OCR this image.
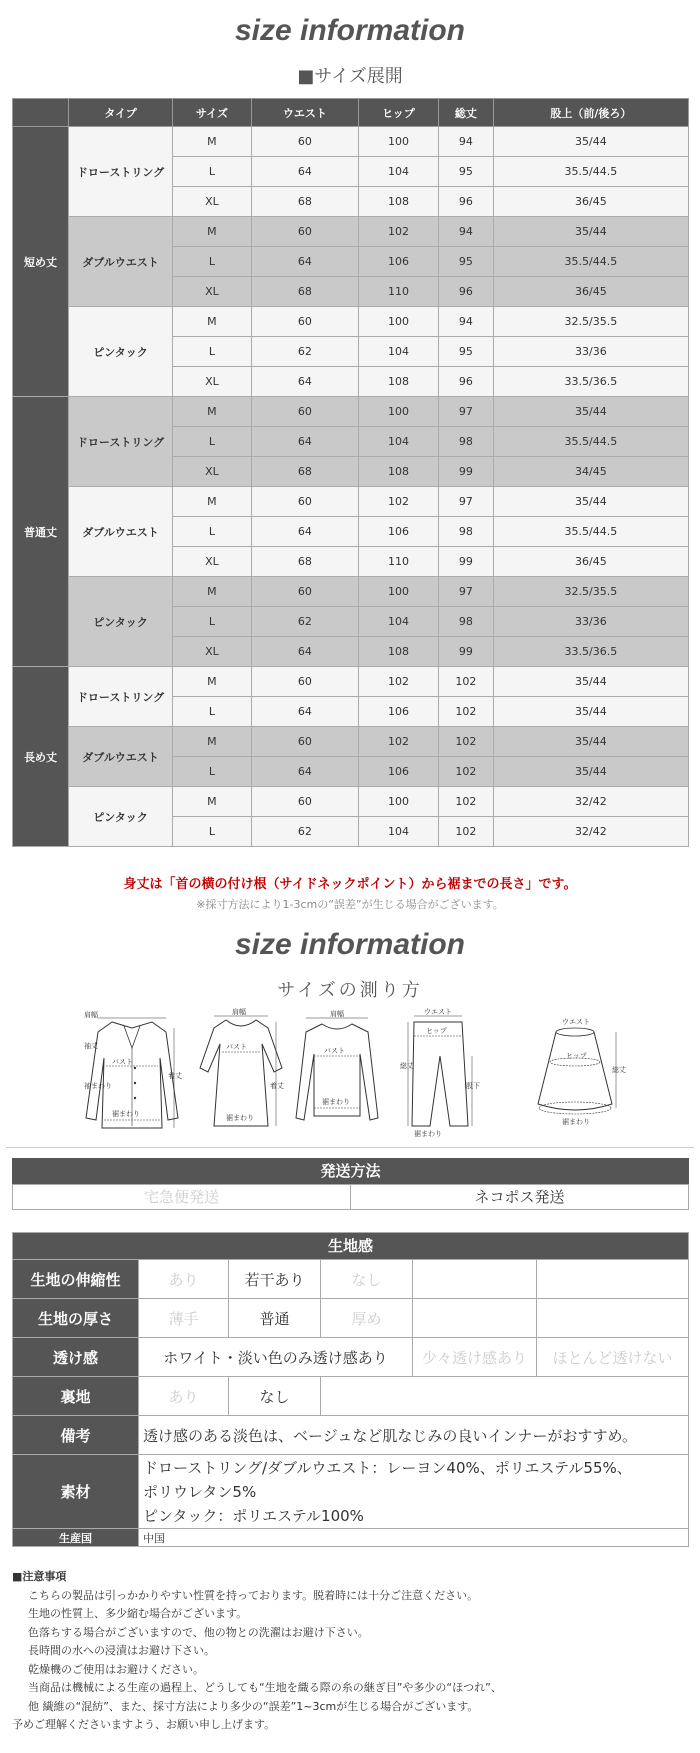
size information
■サイズ展開
	タイプ	サイズ	ウエスト	ヒップ	総丈	股上（前/後ろ）
短め丈	ドローストリング	M	60	100	94	35/44
		L	64	104	95	35.5/44.5
		XL	68	108	96	36/45
	ダブルウエスト	M	60	102	94	35/44
		L	64	106	95	35.5/44.5
		XL	68	110	96	36/45
	ピンタック	M	60	100	94	32.5/35.5
		L	62	104	95	33/36
		XL	64	108	96	33.5/36.5
普通丈	ドローストリング	M	60	100	97	35/44
		L	64	104	98	35.5/44.5
		XL	68	108	99	34/45
	ダブルウエスト	M	60	102	97	35/44
		L	64	106	98	35.5/44.5
		XL	68	110	99	36/45
	ピンタック	M	60	100	97	32.5/35.5
		L	62	104	98	33/36
		XL	64	108	99	33.5/36.5
長め丈	ドローストリング	M	60	102	102	35/44
		L	64	106	102	35/44
	ダブルウエスト	M	60	102	102	35/44
		L	64	106	102	35/44
	ピンタック	M	60	100	102	32/42
		L	62	104	102	32/42
身丈は「首の横の付け根（サイドネックポイント）から裾までの長さ」です。
※採寸方法により1-3cmの“誤差”が生じる場合がございます。
size information
サイズの測り方
肩幅
バスト
袖丈
袖まわり
裾まわり
着丈
肩幅
バスト
裾まわり
着丈
肩幅
バスト
裾まわり
ウエスト
ヒップ
総丈
股下
裾まわり
ウエスト
ヒップ
裾まわり
総丈
発送方法
宅急便発送	ネコポス発送
生地感					
生地の伸縮性	あり	若干あり	なし		
生地の厚さ	薄手	普通	厚め		
透け感	ホワイト・淡い色のみ透け感あり			少々透け感あり	ほとんど透けない
裏地	あり	なし			
備考	透け感のある淡色は、ベージュなど肌なじみの良いインナーがおすすめ。				
素材	ドローストリング/ダブルウエスト：レーヨン40%、ポリエステル55%、
ポリウレタン5%
ピンタック：ポリエステル100%				

生産国	中国				
■注意事項
こちらの製品は引っかかりやすい性質を持っております。脱着時には十分ご注意ください。
生地の性質上、多少縮む場合がございます。
色落ちする場合がございますので、他の物との洗濯はお避け下さい。
長時間の水への浸漬はお避け下さい。
乾燥機のご使用はお避けください。
当商品は機械による生産の過程上、どうしても“生地を織る際の糸の継ぎ目”や多少の“ほつれ”、
他 繊維の“混紡”、また、採寸方法により多少の“誤差”1~3cmが生じる場合がございます。
予めご理解くださいますよう、お願い申し上げます。
